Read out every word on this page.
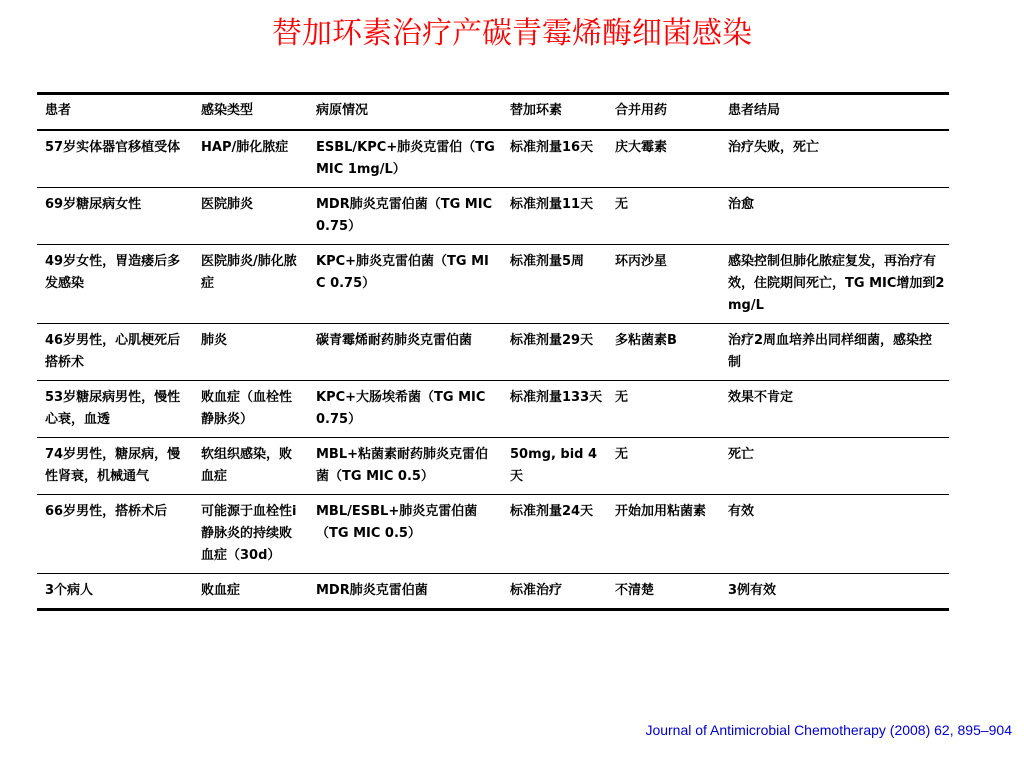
替加环素治疗产碳青霉烯酶细菌感染
患者	感染类型	病原情况	替加环素	合并用药	患者结局
57岁实体器官移植受体	HAP/肺化脓症	ESBL/KPC+肺炎克雷伯（TG MIC 1mg/L）	标准剂量16天	庆大霉素	治疗失败，死亡
69岁糖尿病女性	医院肺炎	MDR肺炎克雷伯菌（TG MIC 0.75）	标准剂量11天	无	治愈
49岁女性，胃造瘘后多发感染	医院肺炎/肺化脓症	KPC+肺炎克雷伯菌（TG MIC 0.75）	标准剂量5周	环丙沙星	感染控制但肺化脓症复发，再治疗有效，住院期间死亡，TG MIC增加到2mg/L
46岁男性，心肌梗死后搭桥术	肺炎	碳青霉烯耐药肺炎克雷伯菌	标准剂量29天	多粘菌素B	治疗2周血培养出同样细菌，感染控制
53岁糖尿病男性，慢性心衰，血透	败血症（血栓性静脉炎）	KPC+大肠埃希菌（TG MIC 0.75）	标准剂量133天	无	效果不肯定
74岁男性，糖尿病，慢性肾衰，机械通气	软组织感染，败血症	MBL+粘菌素耐药肺炎克雷伯菌（TG MIC 0.5）	50mg, bid 4天	无	死亡
66岁男性，搭桥术后	可能源于血栓性i静脉炎的持续败血症（30d）	MBL/ESBL+肺炎克雷伯菌（TG MIC 0.5）	标准剂量24天	开始加用粘菌素	有效
3个病人	败血症	MDR肺炎克雷伯菌	标准治疗	不清楚	3例有效
Journal of Antimicrobial Chemotherapy (2008) 62, 895–904
